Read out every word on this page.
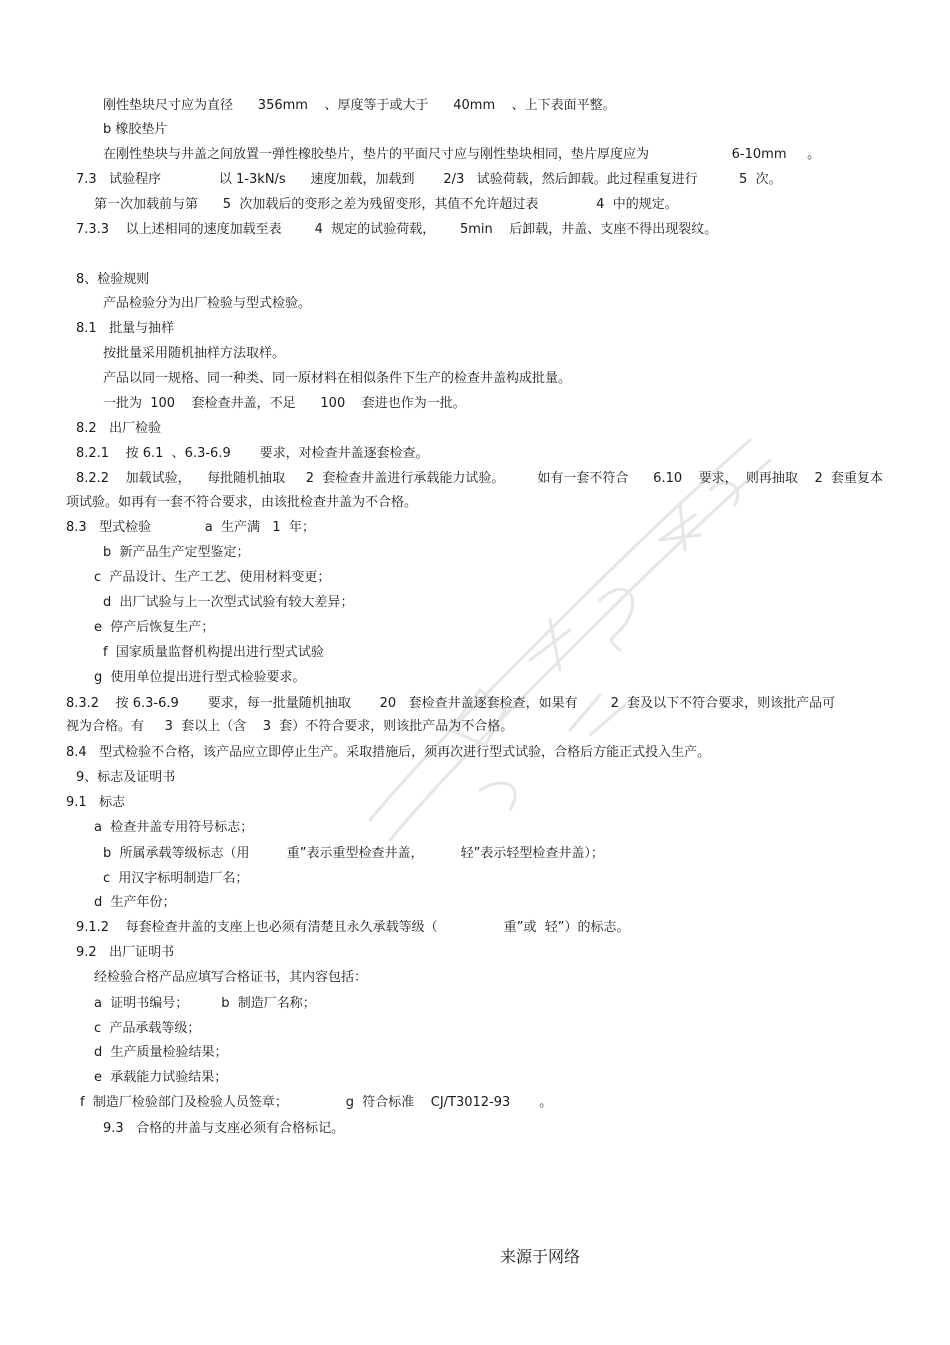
刚性垫块尺寸应为直径      356mm    、厚度等于或大于      40mm    、上下表面平整。
b 橡胶垫片
在刚性垫块与井盖之间放置一弹性橡胶垫片，垫片的平面尺寸应与刚性垫块相同，垫片厚度应为                    6-10mm     。
7.3   试验程序              以 1-3kN/s      速度加载，加载到       2/3   试验荷载，然后卸载。此过程重复进行          5  次。
第一次加载前与第      5  次加载后的变形之差为残留变形，其值不允许超过表              4  中的规定。
7.3.3    以上述相同的速度加载至表        4  规定的试验荷载，      5min    后卸载，井盖、支座不得出现裂纹。
8、检验规则
产品检验分为出厂检验与型式检验。
8.1   批量与抽样
按批量采用随机抽样方法取样。
产品以同一规格、同一种类、同一原材料在相似条件下生产的检查井盖构成批量。
一批为  100    套检查井盖，不足      100    套进也作为一批。
8.2   出厂检验
8.2.1    按 6.1  、6.3-6.9       要求，对检查井盖逐套检查。
8.2.2    加载试验，    每批随机抽取     2  套检查井盖进行承载能力试验。        如有一套不符合      6.10    要求，  则再抽取    2  套重复本
项试验。如再有一套不符合要求，由该批检查井盖为不合格。
8.3   型式检验             a  生产满   1  年；
b  新产品生产定型鉴定；
c  产品设计、生产工艺、使用材料变更；
d  出厂试验与上一次型式试验有较大差异；
e  停产后恢复生产；
f  国家质量监督机构提出进行型式试验
g  使用单位提出进行型式检验要求。
8.3.2    按 6.3-6.9       要求，每一批量随机抽取       20   套检查井盖逐套检查，如果有        2  套及以下不符合要求，则该批产品可
视为合格。有     3  套以上（含    3  套）不符合要求，则该批产品为不合格。
8.4   型式检验不合格，该产品应立即停止生产。采取措施后，须再次进行型式试验，合格后方能正式投入生产。
9、标志及证明书
9.1   标志
a  检查井盖专用符号标志；
b  所属承载等级标志（用         重”表示重型检查井盖，         轻”表示轻型检查井盖）；
c  用汉字标明制造厂名；
d  生产年份；
9.1.2    每套检查井盖的支座上也必须有清楚且永久承载等级（                重”或  轻”）的标志。
9.2   出厂证明书
经检验合格产品应填写合格证书，其内容包括：
a  证明书编号；        b  制造厂名称；
c  产品承载等级；
d  生产质量检验结果；
e  承载能力试验结果；
f  制造厂检验部门及检验人员签章；              g  符合标准    CJ/T3012-93       。
9.3   合格的井盖与支座必须有合格标记。
来源于网络
